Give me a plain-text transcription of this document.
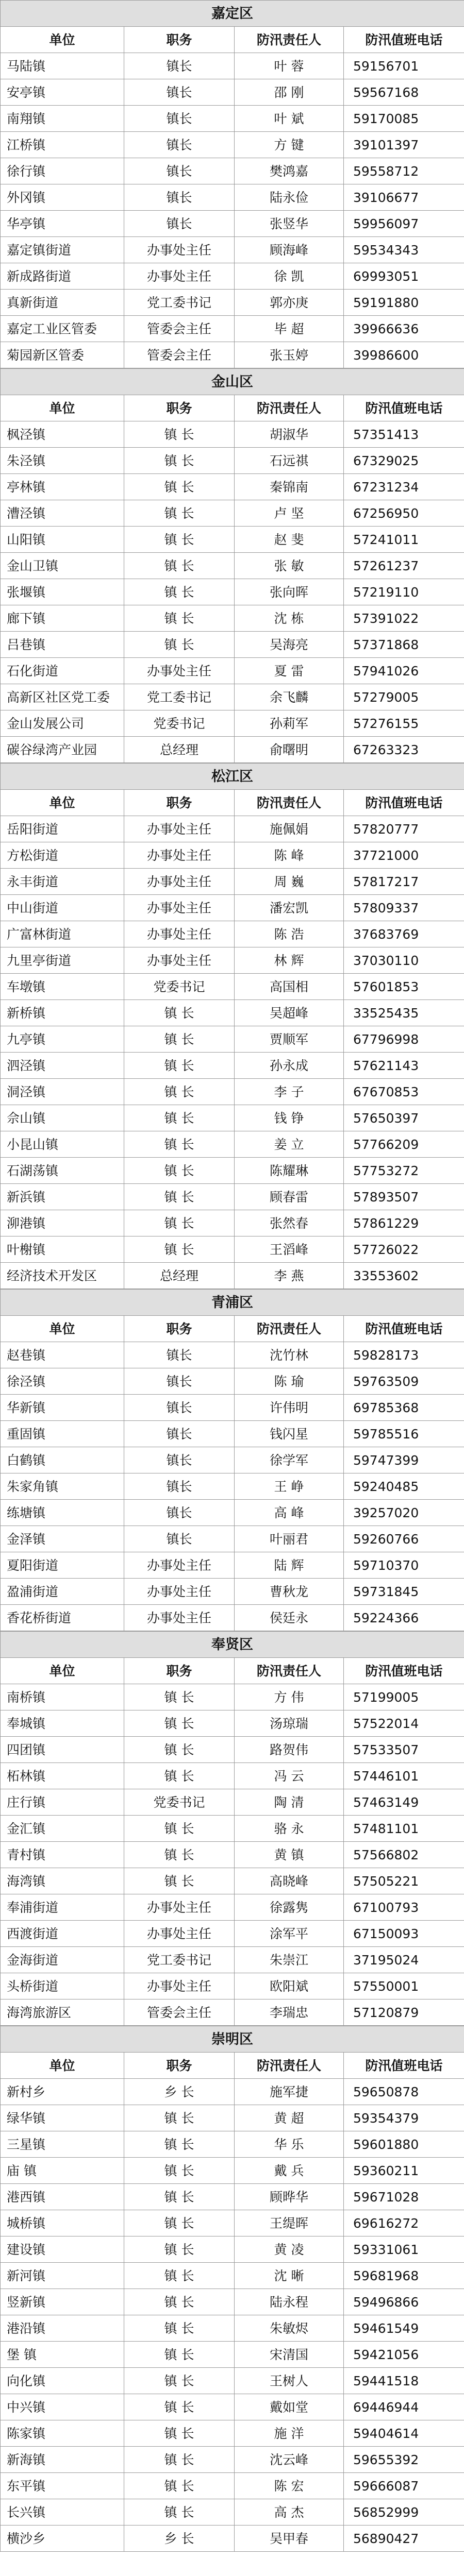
嘉定区			
单位	职务	防汛责任人	防汛值班电话
马陆镇	镇长	叶 蓉	59156701
安亭镇	镇长	邵 刚	59567168
南翔镇	镇长	叶 斌	59170085
江桥镇	镇长	方 键	39101397
徐行镇	镇长	樊鸿嘉	59558712
外冈镇	镇长	陆永俭	39106677
华亭镇	镇长	张竖华	59956097
嘉定镇街道	办事处主任	顾海峰	59534343
新成路街道	办事处主任	徐 凯	69993051
真新街道	党工委书记	郭亦庚	59191880
嘉定工业区管委	管委会主任	毕 超	39966636
菊园新区管委	管委会主任	张玉婷	39986600
金山区			
单位	职务	防汛责任人	防汛值班电话
枫泾镇	镇 长	胡淑华	57351413
朱泾镇	镇 长	石远祺	67329025
亭林镇	镇 长	秦锦南	67231234
漕泾镇	镇 长	卢 坚	67256950
山阳镇	镇 长	赵 斐	57241011
金山卫镇	镇 长	张 敏	57261237
张堰镇	镇 长	张向晖	57219110
廊下镇	镇 长	沈 栋	57391022
吕巷镇	镇 长	吴海亮	57371868
石化街道	办事处主任	夏 雷	57941026
高新区社区党工委	党工委书记	余飞麟	57279005
金山发展公司	党委书记	孙莉军	57276155
碳谷绿湾产业园	总经理	俞曙明	67263323
松江区			
单位	职务	防汛责任人	防汛值班电话
岳阳街道	办事处主任	施佩娟	57820777
方松街道	办事处主任	陈 峰	37721000
永丰街道	办事处主任	周 巍	57817217
中山街道	办事处主任	潘宏凯	57809337
广富林街道	办事处主任	陈 浩	37683769
九里亭街道	办事处主任	林 辉	37030110
车墩镇	党委书记	高国相	57601853
新桥镇	镇 长	吴超峰	33525435
九亭镇	镇 长	贾顺军	67796998
泗泾镇	镇 长	孙永成	57621143
洞泾镇	镇 长	李 子	67670853
佘山镇	镇 长	钱 铮	57650397
小昆山镇	镇 长	姜 立	57766209
石湖荡镇	镇 长	陈耀琳	57753272
新浜镇	镇 长	顾春雷	57893507
泖港镇	镇 长	张然春	57861229
叶榭镇	镇 长	王滔峰	57726022
经济技术开发区	总经理	李 燕	33553602
青浦区			
单位	职务	防汛责任人	防汛值班电话
赵巷镇	镇长	沈竹林	59828173
徐泾镇	镇长	陈 瑜	59763509
华新镇	镇长	许伟明	69785368
重固镇	镇长	钱闪星	59785516
白鹤镇	镇长	徐学军	59747399
朱家角镇	镇长	王 峥	59240485
练塘镇	镇长	高 峰	39257020
金泽镇	镇长	叶丽君	59260766
夏阳街道	办事处主任	陆 辉	59710370
盈浦街道	办事处主任	曹秋龙	59731845
香花桥街道	办事处主任	侯廷永	59224366
奉贤区			
单位	职务	防汛责任人	防汛值班电话
南桥镇	镇 长	方 伟	57199005
奉城镇	镇 长	汤琼瑞	57522014
四团镇	镇 长	路贺伟	57533507
柘林镇	镇 长	冯 云	57446101
庄行镇	党委书记	陶 清	57463149
金汇镇	镇 长	骆 永	57481101
青村镇	镇 长	黄 镇	57566802
海湾镇	镇 长	高晓峰	57505221
奉浦街道	办事处主任	徐露隽	67100793
西渡街道	办事处主任	涂军平	67150093
金海街道	党工委书记	朱崇江	37195024
头桥街道	办事处主任	欧阳斌	57550001
海湾旅游区	管委会主任	李瑞忠	57120879
崇明区			
单位	职务	防汛责任人	防汛值班电话
新村乡	乡 长	施军捷	59650878
绿华镇	镇 长	黄 超	59354379
三星镇	镇 长	华 乐	59601880
庙 镇	镇 长	戴 兵	59360211
港西镇	镇 长	顾晔华	59671028
城桥镇	镇 长	王缇晖	69616272
建设镇	镇 长	黄 凌	59331061
新河镇	镇 长	沈 晰	59681968
竖新镇	镇 长	陆永程	59496866
港沿镇	镇 长	朱敏烬	59461549
堡 镇	镇 长	宋清国	59421056
向化镇	镇 长	王树人	59441518
中兴镇	镇 长	戴如堂	69446944
陈家镇	镇 长	施 洋	59404614
新海镇	镇 长	沈云峰	59655392
东平镇	镇 长	陈 宏	59666087
长兴镇	镇 长	高 杰	56852999
横沙乡	乡 长	吴甲春	56890427
